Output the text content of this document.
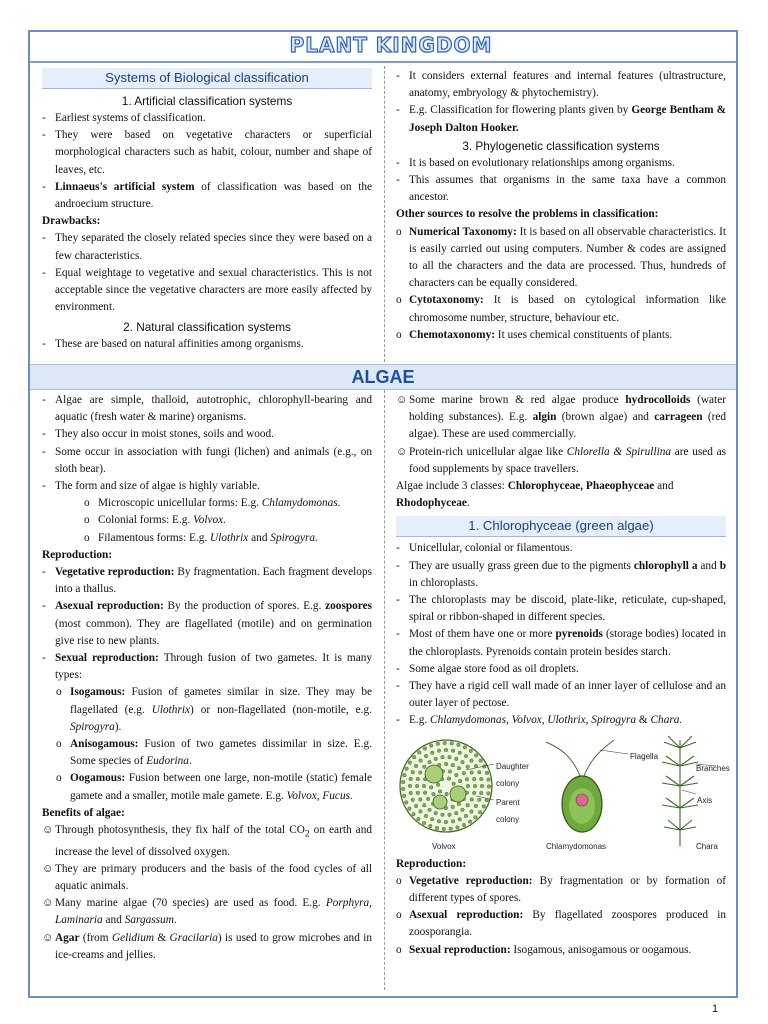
PLANT KINGDOM
Systems of Biological classification
1. Artificial classification systems
- Earliest systems of classification.
- They were based on vegetative characters or superficial morphological characters such as habit, colour, number and shape of leaves, etc.
- Linnaeus's artificial system of classification was based on the androecium structure.

Drawbacks:

- They separated the closely related species since they were based on a few characteristics.
- Equal weightage to vegetative and sexual characteristics. This is not acceptable since the vegetative characters are more easily affected by environment.
2. Natural classification systems
- These are based on natural affinities among organisms.
- It considers external features and internal features (ultrastructure, anatomy, embryology & phytochemistry).
- E.g. Classification for flowering plants given by George Bentham & Joseph Dalton Hooker.
3. Phylogenetic classification systems
- It is based on evolutionary relationships among organisms.
- This assumes that organisms in the same taxa have a common ancestor.

Other sources to resolve the problems in classification:

o Numerical Taxonomy: It is based on all observable characteristics. It is easily carried out using computers. Number & codes are assigned to all the characters and the data are processed. Thus, hundreds of characters can be equally considered.
o Cytotaxonomy: It is based on cytological information like chromosome number, structure, behaviour etc.
o Chemotaxonomy: It uses chemical constituents of plants.
ALGAE
- Algae are simple, thalloid, autotrophic, chlorophyll-bearing and aquatic (fresh water & marine) organisms.
- They also occur in moist stones, soils and wood.
- Some occur in association with fungi (lichen) and animals (e.g., on sloth bear).
- The form and size of algae is highly variable.
o Microscopic unicellular forms: E.g. Chlamydomonas.
o Colonial forms: E.g. Volvox.
o Filamentous forms: E.g. Ulothrix and Spirogyra.

Reproduction:

- Vegetative reproduction: By fragmentation. Each fragment develops into a thallus.
- Asexual reproduction: By the production of spores. E.g. zoospores (most common). They are flagellated (motile) and on germination give rise to new plants.
- Sexual reproduction: Through fusion of two gametes. It is many types:
o Isogamous: Fusion of gametes similar in size. They may be flagellated (e.g. Ulothrix) or non-flagellated (non-motile, e.g. Spirogyra).
o Anisogamous: Fusion of two gametes dissimilar in size. E.g. Some species of Eudorina.
o Oogamous: Fusion between one large, non-motile (static) female gamete and a smaller, motile male gamete. E.g. Volvox, Fucus.

Benefits of algae:

☺ Through photosynthesis, they fix half of the total $CO_2$ on earth and increase the level of dissolved oxygen.
☺ They are primary producers and the basis of the food cycles of all aquatic animals.
☺ Many marine algae (70 species) are used as food. E.g. Porphyra, Laminaria and Sargassum.
☺ Agar (from Gelidium & Gracilaria) is used to grow microbes and in ice-creams and jellies.
☺ Some marine brown & red algae produce hydrocolloids (water holding substances). E.g. algin (brown algae) and carrageen (red algae). These are used commercially.
☺ Protein-rich unicellular algae like Chlorella & Spirullina are used as food supplements by space travellers.

Algae include 3 classes: Chlorophyceae, Phaeophyceae and Rhodophyceae.

1. Chlorophyceae (green algae)
- Unicellular, colonial or filamentous.
- They are usually grass green due to the pigments chlorophyll a and b in chloroplasts.
- The chloroplasts may be discoid, plate-like, reticulate, cup-shaped, spiral or ribbon-shaped in different species.
- Most of them have one or more pyrenoids (storage bodies) located in the chloroplasts. Pyrenoids contain protein besides starch.
- Some algae store food as oil droplets.
- They have a rigid cell wall made of an inner layer of cellulose and an outer layer of pectose.
- E.g. Chlamydomonas, Volvox, Ulothrix, Spirogyra & Chara.
Daughter colony
Parent colony
Volvox
Flagella
Chlamydomonas
Branches
Axis
Chara

Reproduction:

o Vegetative reproduction: By fragmentation or by formation of different types of spores.
o Asexual reproduction: By flagellated zoospores produced in zoosporangia.
o Sexual reproduction: Isogamous, anisogamous or oogamous.
1
